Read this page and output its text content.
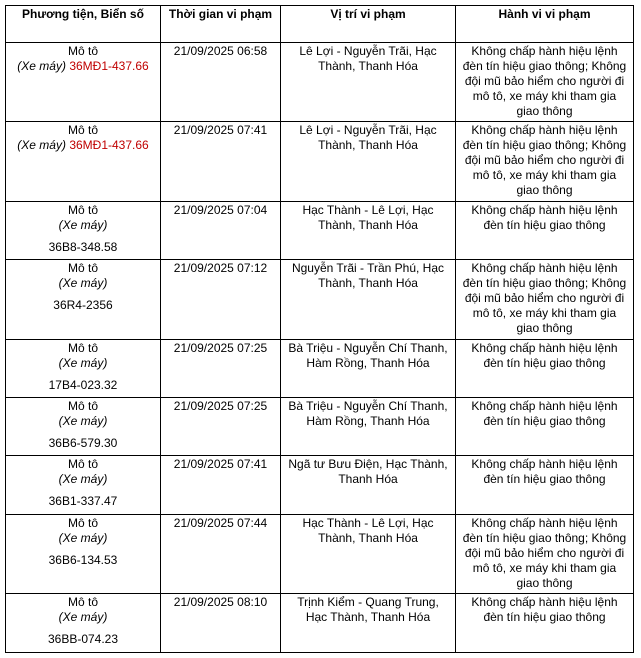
Phương tiện, Biển số	Thời gian vi phạm	Vị trí vi phạm	Hành vi vi phạm

Mô tô
(Xe máy) 36MĐ1-437.66	21/09/2025 06:58	Lê Lợi - Nguyễn Trãi, Hạc Thành, Thanh Hóa	Không chấp hành hiệu lệnh đèn tín hiệu giao thông; Không đội mũ bảo hiểm cho người đi mô tô, xe máy khi tham gia giao thông

Mô tô
(Xe máy) 36MĐ1-437.66	21/09/2025 07:41	Lê Lợi - Nguyễn Trãi, Hạc Thành, Thanh Hóa	Không chấp hành hiệu lệnh đèn tín hiệu giao thông; Không đội mũ bảo hiểm cho người đi mô tô, xe máy khi tham gia giao thông

Mô tô
(Xe máy)
36B8-348.58	21/09/2025 07:04	Hạc Thành - Lê Lợi, Hạc Thành, Thanh Hóa	Không chấp hành hiệu lệnh đèn tín hiệu giao thông

Mô tô
(Xe máy)
36R4-2356	21/09/2025 07:12	Nguyễn Trãi - Trần Phú, Hạc Thành, Thanh Hóa	Không chấp hành hiệu lệnh đèn tín hiệu giao thông; Không đội mũ bảo hiểm cho người đi mô tô, xe máy khi tham gia giao thông

Mô tô
(Xe máy)
17B4-023.32	21/09/2025 07:25	Bà Triệu - Nguyễn Chí Thanh, Hàm Rồng, Thanh Hóa	Không chấp hành hiệu lệnh đèn tín hiệu giao thông

Mô tô
(Xe máy)
36B6-579.30	21/09/2025 07:25	Bà Triệu - Nguyễn Chí Thanh, Hàm Rồng, Thanh Hóa	Không chấp hành hiệu lệnh đèn tín hiệu giao thông

Mô tô
(Xe máy)
36B1-337.47	21/09/2025 07:41	Ngã tư Bưu Điện, Hạc Thành, Thanh Hóa	Không chấp hành hiệu lệnh đèn tín hiệu giao thông

Mô tô
(Xe máy)
36B6-134.53	21/09/2025 07:44	Hạc Thành - Lê Lợi, Hạc Thành, Thanh Hóa	Không chấp hành hiệu lệnh đèn tín hiệu giao thông; Không đội mũ bảo hiểm cho người đi mô tô, xe máy khi tham gia giao thông

Mô tô
(Xe máy)
36BB-074.23	21/09/2025 08:10	Trịnh Kiểm - Quang Trung, Hạc Thành, Thanh Hóa	Không chấp hành hiệu lệnh đèn tín hiệu giao thông
